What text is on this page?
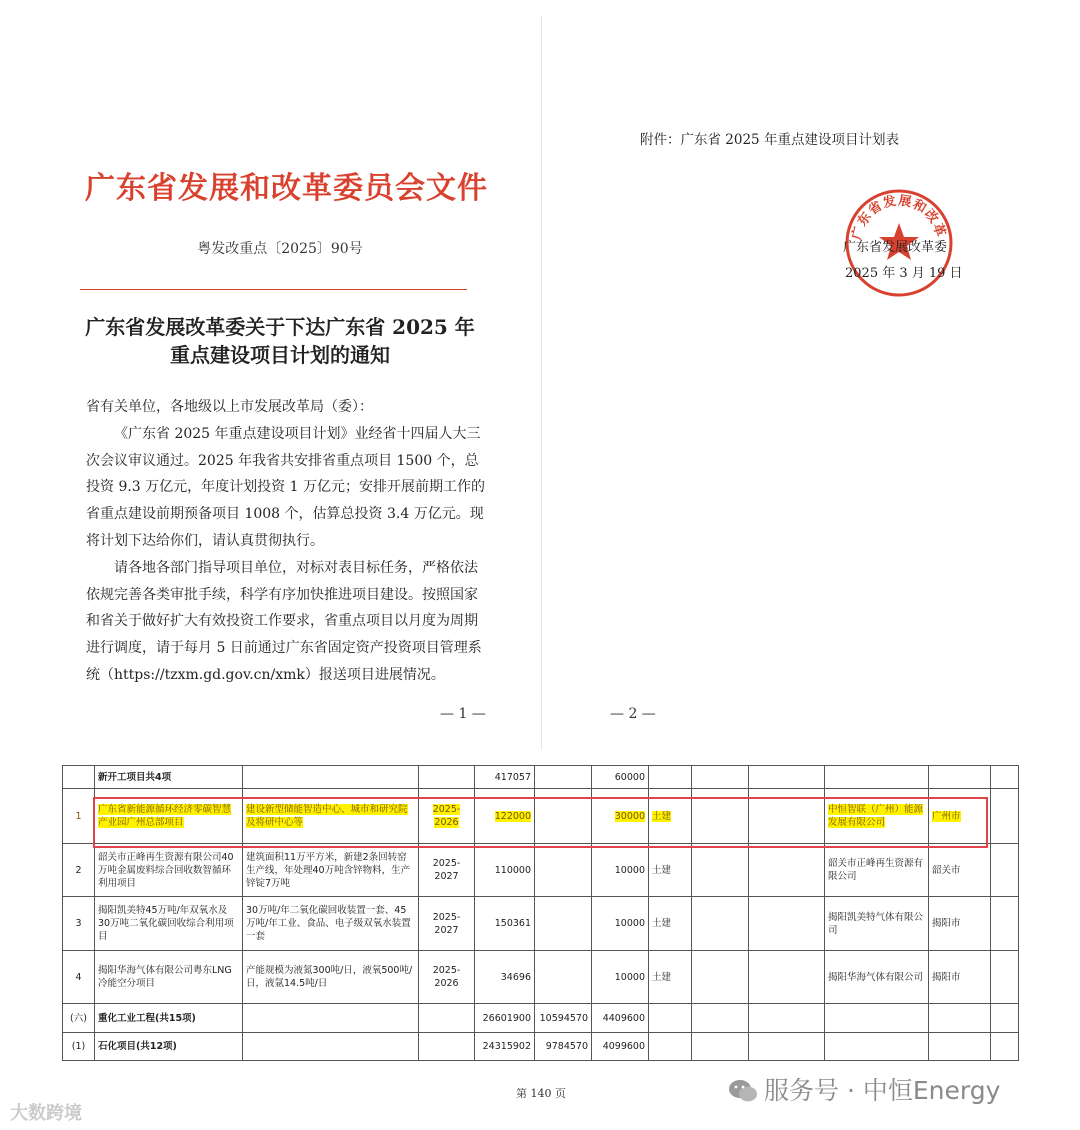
广东省发展和改革委员会文件
粤发改重点〔2025〕90号
广东省发展改革委关于下达广东省 2025 年
重点建设项目计划的通知

省有关单位，各地级以上市发展改革局（委）：

《广东省 2025 年重点建设项目计划》业经省十四届人大三次会议审议通过。2025 年我省共安排省重点项目 1500 个，总投资 9.3 万亿元，年度计划投资 1 万亿元；安排开展前期工作的省重点建设前期预备项目 1008 个，估算总投资 3.4 万亿元。现将计划下达给你们，请认真贯彻执行。

请各地各部门指导项目单位，对标对表目标任务，严格依法依规完善各类审批手续，科学有序加快推进项目建设。按照国家和省关于做好扩大有效投资工作要求，省重点项目以月度为周期进行调度，请于每月 5 日前通过广东省固定资产投资项目管理系统（https://tzxm.gd.gov.cn/xmk）报送项目进展情况。

— 1 —
附件：广东省 2025 年重点建设项目计划表
广东省发展和改革
广东省发展改革委
2025 年 3 月 19 日
— 2 —
	新开工项目共4项			417057		60000						
1	广东省新能源循环经济零碳智慧产业园广州总部项目	建设新型储能智造中心、城市和研究院及将研中心等	2025-2026	122000		30000	土建			中恒智联（广州）能源发展有限公司	广州市	
2	韶关市正峰再生资源有限公司40万吨金属废料综合回收数智循环利用项目	建筑面积11万平方米，新建2条回转窑生产线，年处理40万吨含锌物料，生产锌锭7万吨	2025-2027	110000		10000	土建			韶关市正峰再生资源有限公司	韶关市	
3	揭阳凯美特45万吨/年双氧水及30万吨二氧化碳回收综合利用项目	30万吨/年二氧化碳回收装置一套、45万吨/年工业、食品、电子级双氧水装置一套	2025-2027	150361		10000	土建			揭阳凯美特气体有限公司	揭阳市	
4	揭阳华海气体有限公司粤东LNG冷能空分项目	产能规模为液氮300吨/日，液氧500吨/日，液氩14.5吨/日	2025-2026	34696		10000	土建			揭阳华海气体有限公司	揭阳市	
(六)	重化工业工程(共15项)			26601900	10594570	4409600						
(1)	石化项目(共12项)			24315902	9784570	4099600						
第 140 页
大数跨境
服务号 · 中恒Energy
